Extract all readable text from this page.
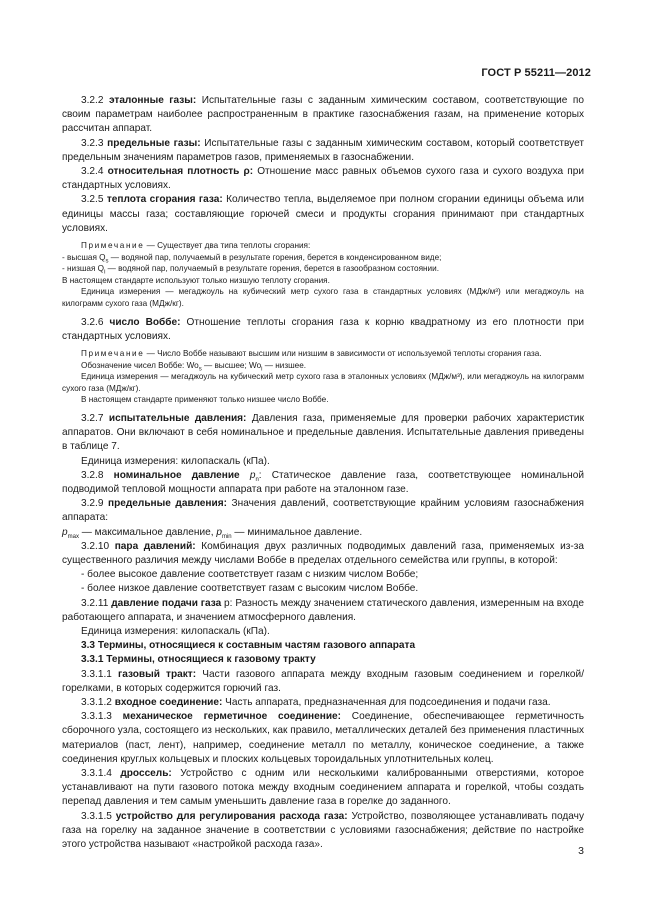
ГОСТ Р 55211—2012

3.2.2 эталонные газы: Испытательные газы с заданным химическим составом, соответствующие по своим параметрам наиболее распространенным в практике газоснабжения газам, на применение которых рассчитан аппарат.

3.2.3 предельные газы: Испытательные газы с заданным химическим составом, который соответствует предельным значениям параметров газов, применяемых в газоснабжении.

3.2.4 относительная плотность ρ: Отношение масс равных объемов сухого газа и сухого воздуха при стандартных условиях.

3.2.5 теплота сгорания газа: Количество тепла, выделяемое при полном сгорании единицы объема или единицы массы газа; составляющие горючей смеси и продукты сгорания принимают при стандартных условиях.

Примечание — Существует два типа теплоты сгорания:

- высшая $Q_s$ — водяной пар, получаемый в результате горения, берется в конденсированном виде;

- низшая $Q_i$ — водяной пар, получаемый в результате горения, берется в газообразном состоянии.

В настоящем стандарте используют только низшую теплоту сгорания.

Единица измерения — мегаджоуль на кубический метр сухого газа в стандартных условиях (МДж/м³) или мегаджоуль на килограмм сухого газа (МДж/кг).

3.2.6 число Воббе: Отношение теплоты сгорания газа к корню квадратному из его плотности при стандартных условиях.

Примечание — Число Воббе называют высшим или низшим в зависимости от используемой теплоты сгорания газа.

Обозначение чисел Воббе: $Wo_s$ — высшее; $Wo_i$ — низшее.

Единица измерения — мегаджоуль на кубический метр сухого газа в эталонных условиях (МДж/м³), или мегаджоуль на килограмм сухого газа (МДж/кг).

В настоящем стандарте применяют только низшее число Воббе.

3.2.7 испытательные давления: Давления газа, применяемые для проверки рабочих характеристик аппаратов. Они включают в себя номинальное и предельные давления. Испытательные давления приведены в таблице 7.

Единица измерения: килопаскаль (кПа).

3.2.8 номинальное давление $p_n$: Статическое давление газа, соответствующее номинальной подводимой тепловой мощности аппарата при работе на эталонном газе.

3.2.9 предельные давления: Значения давлений, соответствующие крайним условиям газоснабжения аппарата:

$p_{max}$ — максимальное давление, $p_{min}$ — минимальное давление.

3.2.10 пара давлений: Комбинация двух различных подводимых давлений газа, применяемых из-за существенного различия между числами Воббе в пределах отдельного семейства или группы, в которой:

- более высокое давление соответствует газам с низким числом Воббе;

- более низкое давление соответствует газам с высоким числом Воббе.

3.2.11 давление подачи газа p: Разность между значением статического давления, измеренным на входе работающего аппарата, и значением атмосферного давления.

Единица измерения: килопаскаль (кПа).

3.3 Термины, относящиеся к составным частям газового аппарата

3.3.1 Термины, относящиеся к газовому тракту

3.3.1.1 газовый тракт: Части газового аппарата между входным газовым соединением и горелкой/горелками, в которых содержится горючий газ.

3.3.1.2 входное соединение: Часть аппарата, предназначенная для подсоединения и подачи газа.

3.3.1.3 механическое герметичное соединение: Соединение, обеспечивающее герметичность сборочного узла, состоящего из нескольких, как правило, металлических деталей без применения пластичных материалов (паст, лент), например, соединение металл по металлу, коническое соединение, а также соединения круглых кольцевых и плоских кольцевых тороидальных уплотнительных колец.

3.3.1.4 дроссель: Устройство с одним или несколькими калиброванными отверстиями, которое устанавливают на пути газового потока между входным соединением аппарата и горелкой, чтобы создать перепад давления и тем самым уменьшить давление газа в горелке до заданного.

3.3.1.5 устройство для регулирования расхода газа: Устройство, позволяющее устанавливать подачу газа на горелку на заданное значение в соответствии с условиями газоснабжения; действие по настройке этого устройства называют «настройкой расхода газа».

3
